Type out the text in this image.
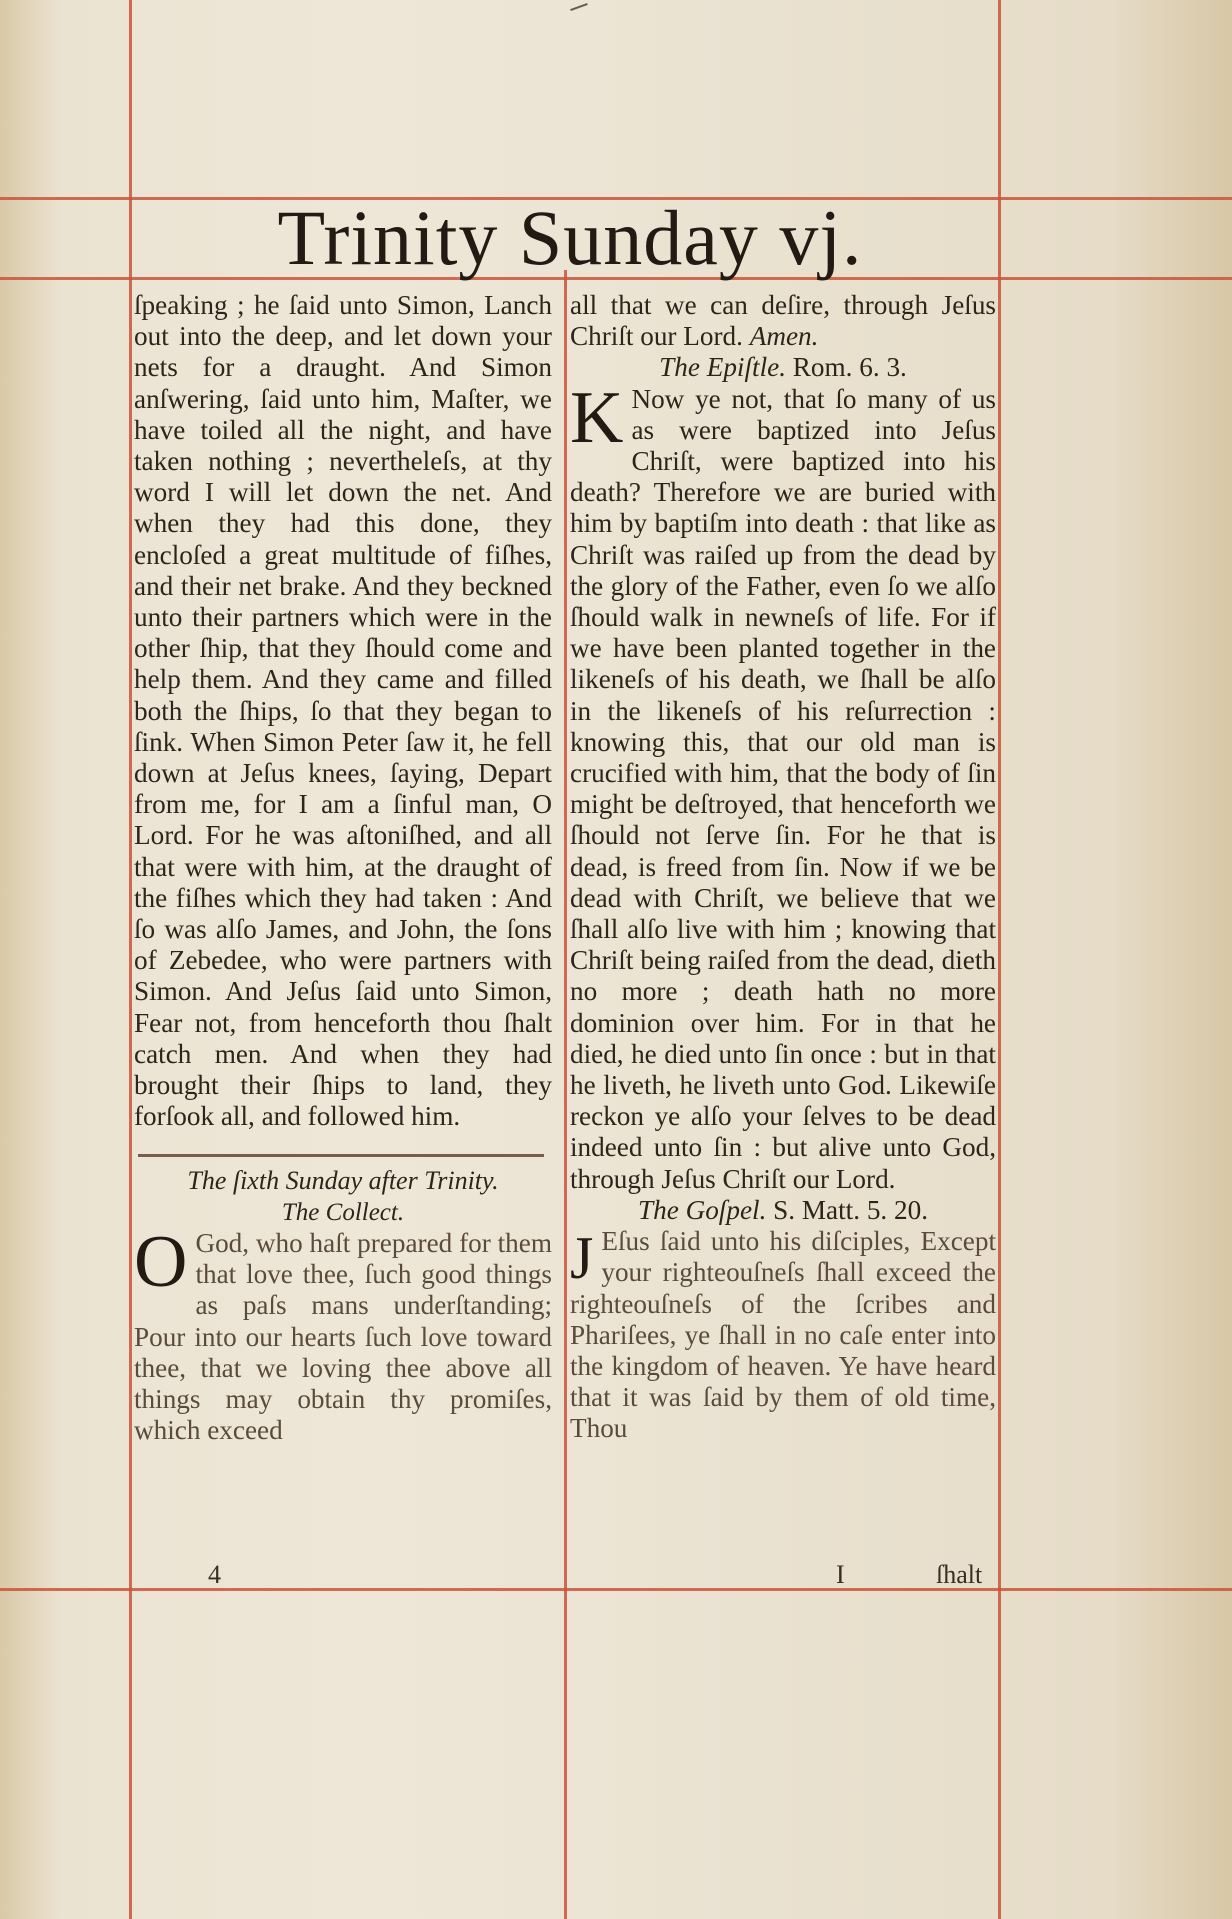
Trinity Sunday vj.

ſpeaking ; he ſaid unto Simon, Lanch out into the deep, and let down your nets for a draught. And Simon anſwering, ſaid unto him, Maſter, we have toiled all the night, and have taken nothing ; nevertheleſs, at thy word I will let down the net. And when they had this done, they encloſed a great multitude of fiſhes, and their net brake. And they beckned unto their partners which were in the other ſhip, that they ſhould come and help them. And they came and filled both the ſhips, ſo that they began to ſink. When Simon Peter ſaw it, he fell down at Jeſus knees, ſaying, Depart from me, for I am a ſinful man, O Lord. For he was aſtoniſhed, and all that were with him, at the draught of the fiſhes which they had taken : And ſo was alſo James, and John, the ſons of Zebedee, who were partners with Simon. And Jeſus ſaid unto Simon, Fear not, from henceforth thou ſhalt catch men. And when they had brought their ſhips to land, they forſook all, and followed him.

The ſixth Sunday after Trinity.

The Collect.

O God, who haſt prepared for them that love thee, ſuch good things as paſs mans underſtanding; Pour into our hearts ſuch love toward thee, that we loving thee above all things may obtain thy promiſes, which exceed

all that we can deſire, through Jeſus Chriſt our Lord. Amen.

The Epiſtle. Rom. 6. 3.

K Now ye not, that ſo many of us as were baptized into Jeſus Chriſt, were baptized into his death? Therefore we are buried with him by baptiſm into death : that like as Chriſt was raiſed up from the dead by the glory of the Father, even ſo we alſo ſhould walk in newneſs of life. For if we have been planted together in the likeneſs of his death, we ſhall be alſo in the likeneſs of his reſurrection : knowing this, that our old man is crucified with him, that the body of ſin might be deſtroyed, that henceforth we ſhould not ſerve ſin. For he that is dead, is freed from ſin. Now if we be dead with Chriſt, we believe that we ſhall alſo live with him ; knowing that Chriſt being raiſed from the dead, dieth no more ; death hath no more dominion over him. For in that he died, he died unto ſin once : but in that he liveth, he liveth unto God. Likewiſe reckon ye alſo your ſelves to be dead indeed unto ſin : but alive unto God, through Jeſus Chriſt our Lord.

The Goſpel. S. Matt. 5. 20.

J Eſus ſaid unto his diſciples, Except your righteouſneſs ſhall exceed the righteouſneſs of the ſcribes and Phariſees, ye ſhall in no caſe enter into the kingdom of heaven. Ye have heard that it was ſaid by them of old time, Thou

4	I	ſhalt
